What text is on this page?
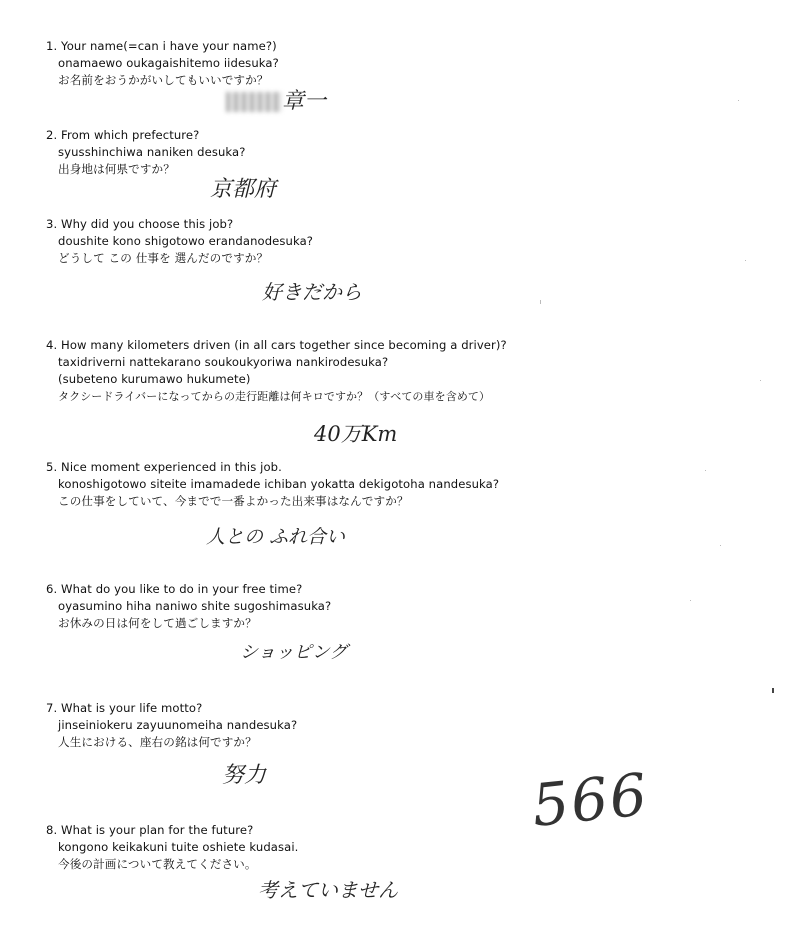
1. Your name(=can i have your name?)
onamaewo oukagaishitemo iidesuka?
お名前をおうかがいしてもいいですか？
章一
2. From which prefecture?
syusshinchiwa naniken desuka?
出身地は何県ですか？
京都府
3. Why did you choose this job?
doushite kono shigotowo erandanodesuka?
どうして この 仕事を 選んだのですか？
好きだから
4. How many kilometers driven (in all cars together since becoming a driver)?
taxidriverni nattekarano soukoukyoriwa nankirodesuka?
(subeteno kurumawo hukumete)
タクシードライバーになってからの走行距離は何キロですか？（すべての車を含めて）
40万Km
5. Nice moment experienced in this job.
konoshigotowo siteite imamadede ichiban yokatta dekigotoha nandesuka?
この仕事をしていて、今までで一番よかった出来事はなんですか？
人との ふれ合い
6. What do you like to do in your free time?
oyasumino hiha naniwo shite sugoshimasuka?
お休みの日は何をして過ごしますか？
ショッピング
7. What is your life motto?
jinseiniokeru zayuunomeiha nandesuka?
人生における、座右の銘は何ですか？
努力
8. What is your plan for the future?
kongono keikakuni tuite oshiete kudasai.
今後の計画について教えてください。
考えていません
566
